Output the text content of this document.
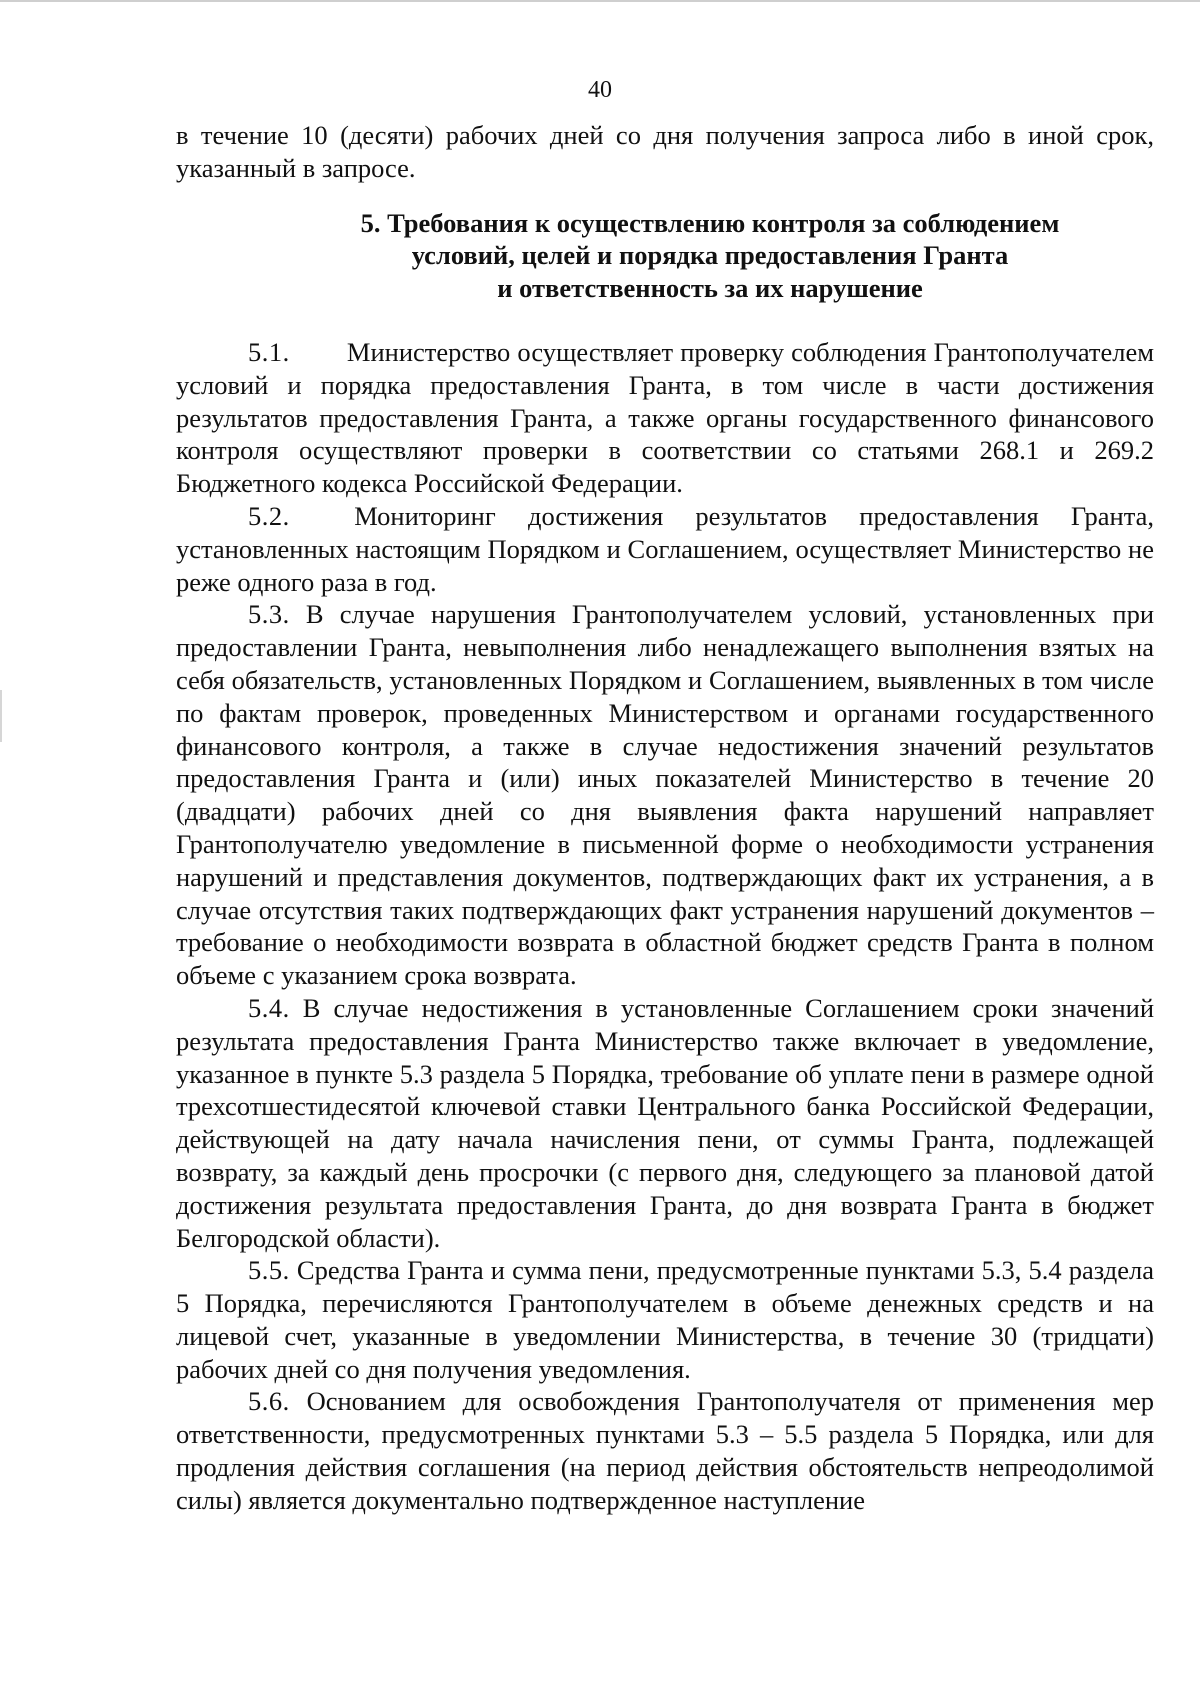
40

в течение 10 (десяти) рабочих дней со дня получения запроса либо в иной срок, указанный в запросе.

5. Требования к осуществлению контроля за соблюдением
условий, целей и порядка предоставления Гранта
и ответственность за их нарушение

5.1. Министерство осуществляет проверку соблюдения Грантополучателем условий и порядка предоставления Гранта, в том числе в части достижения результатов предоставления Гранта, а также органы государственного финансового контроля осуществляют проверки в соответствии со статьями 268.1 и 269.2 Бюджетного кодекса Российской Федерации.

5.2. Мониторинг достижения результатов предоставления Гранта, установленных настоящим Порядком и Соглашением, осуществляет Министерство не реже одного раза в год.

5.3. В случае нарушения Грантополучателем условий, установленных при предоставлении Гранта, невыполнения либо ненадлежащего выполнения взятых на себя обязательств, установленных Порядком и Соглашением, выявленных в том числе по фактам проверок, проведенных Министерством и органами государственного финансового контроля, а также в случае недостижения значений результатов предоставления Гранта и (или) иных показателей Министерство в течение 20 (двадцати) рабочих дней со дня выявления факта нарушений направляет Грантополучателю уведомление в письменной форме о необходимости устранения нарушений и представления документов, подтверждающих факт их устранения, а в случае отсутствия таких подтверждающих факт устранения нарушений документов – требование о необходимости возврата в областной бюджет средств Гранта в полном объеме с указанием срока возврата.

5.4. В случае недостижения в установленные Соглашением сроки значений результата предоставления Гранта Министерство также включает в уведомление, указанное в пункте 5.3 раздела 5 Порядка, требование об уплате пени в размере одной трехсотшестидесятой ключевой ставки Центрального банка Российской Федерации, действующей на дату начала начисления пени, от суммы Гранта, подлежащей возврату, за каждый день просрочки (с первого дня, следующего за плановой датой достижения результата предоставления Гранта, до дня возврата Гранта в бюджет Белгородской области).

5.5. Средства Гранта и сумма пени, предусмотренные пунктами 5.3, 5.4 раздела 5 Порядка, перечисляются Грантополучателем в объеме денежных средств и на лицевой счет, указанные в уведомлении Министерства, в течение 30 (тридцати) рабочих дней со дня получения уведомления.

5.6. Основанием для освобождения Грантополучателя от применения мер ответственности, предусмотренных пунктами 5.3 – 5.5 раздела 5 Порядка, или для продления действия соглашения (на период действия обстоятельств непреодолимой силы) является документально подтвержденное наступление
